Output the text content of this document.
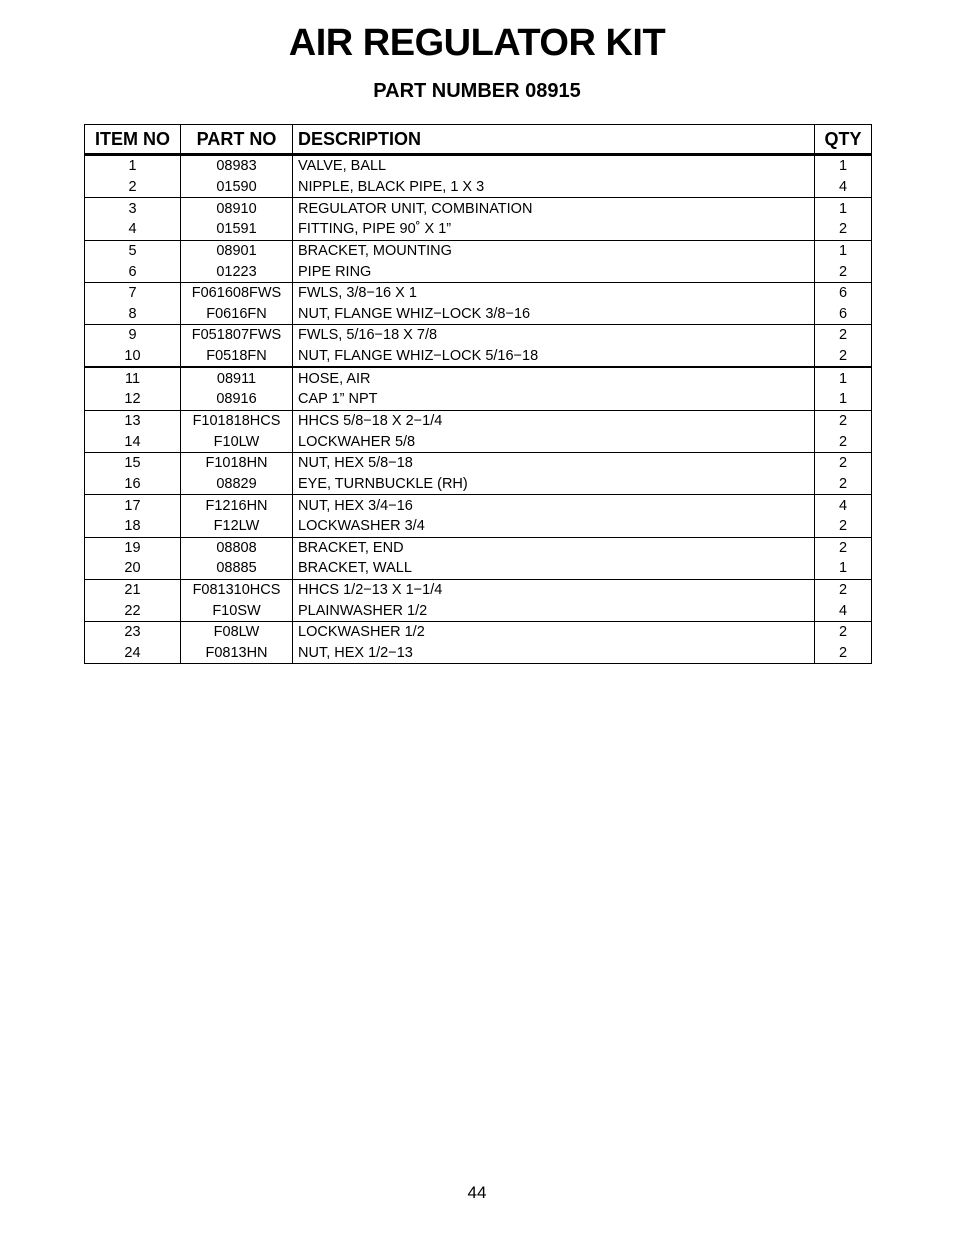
AIR REGULATOR KIT
PART NUMBER 08915
ITEM NO	PART NO	DESCRIPTION	QTY
1	08983	VALVE, BALL	1
2	01590	NIPPLE, BLACK PIPE, 1 X 3	4
3	08910	REGULATOR UNIT, COMBINATION	1
4	01591	FITTING, PIPE 90˚ X 1”	2
5	08901	BRACKET, MOUNTING	1
6	01223	PIPE RING	2
7	F061608FWS	FWLS, 3/8−16 X 1	6
8	F0616FN	NUT, FLANGE WHIZ−LOCK 3/8−16	6
9	F051807FWS	FWLS, 5/16−18 X 7/8	2
10	F0518FN	NUT, FLANGE WHIZ−LOCK 5/16−18	2
11	08911	HOSE, AIR	1
12	08916	CAP 1” NPT	1
13	F101818HCS	HHCS 5/8−18 X 2−1/4	2
14	F10LW	LOCKWAHER 5/8	2
15	F1018HN	NUT, HEX 5/8−18	2
16	08829	EYE, TURNBUCKLE (RH)	2
17	F1216HN	NUT, HEX 3/4−16	4
18	F12LW	LOCKWASHER 3/4	2
19	08808	BRACKET, END	2
20	08885	BRACKET, WALL	1
21	F081310HCS	HHCS 1/2−13 X 1−1/4	2
22	F10SW	PLAINWASHER 1/2	4
23	F08LW	LOCKWASHER 1/2	2
24	F0813HN	NUT, HEX 1/2−13	2
44
